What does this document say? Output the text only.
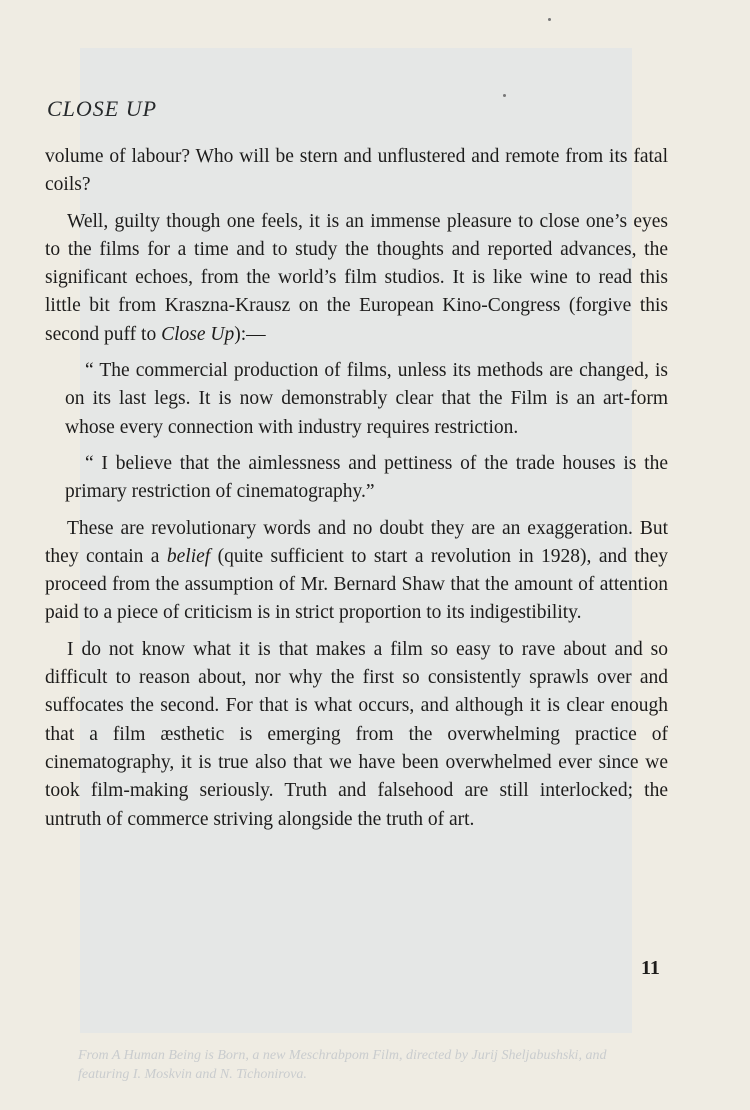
From A Human Being is Born, a new Meschrabpom Film, directed by Jurij Sheljabushski, and featuring I. Moskvin and N. Tichonirova.
CLOSE UP

volume of labour? Who will be stern and unflustered and remote from its fatal coils?

Well, guilty though one feels, it is an immense pleasure to close one’s eyes to the films for a time and to study the thoughts and reported advances, the significant echoes, from the world’s film studios. It is like wine to read this little bit from Kraszna-Krausz on the European Kino-Congress (forgive this second puff to Close Up):—

“ The commercial production of films, unless its methods are changed, is on its last legs. It is now demonstrably clear that the Film is an art-form whose every connection with industry requires restriction.

“ I believe that the aimlessness and pettiness of the trade houses is the primary restriction of cinematography.”

These are revolutionary words and no doubt they are an exaggeration. But they contain a belief (quite sufficient to start a revolution in 1928), and they proceed from the assumption of Mr. Bernard Shaw that the amount of attention paid to a piece of criticism is in strict proportion to its indigestibility.

I do not know what it is that makes a film so easy to rave about and so difficult to reason about, nor why the first so consistently sprawls over and suffocates the second. For that is what occurs, and although it is clear enough that a film æsthetic is emerging from the overwhelming practice of cinematography, it is true also that we have been overwhelmed ever since we took film-making seriously. Truth and falsehood are still interlocked; the untruth of commerce striving alongside the truth of art.

11
